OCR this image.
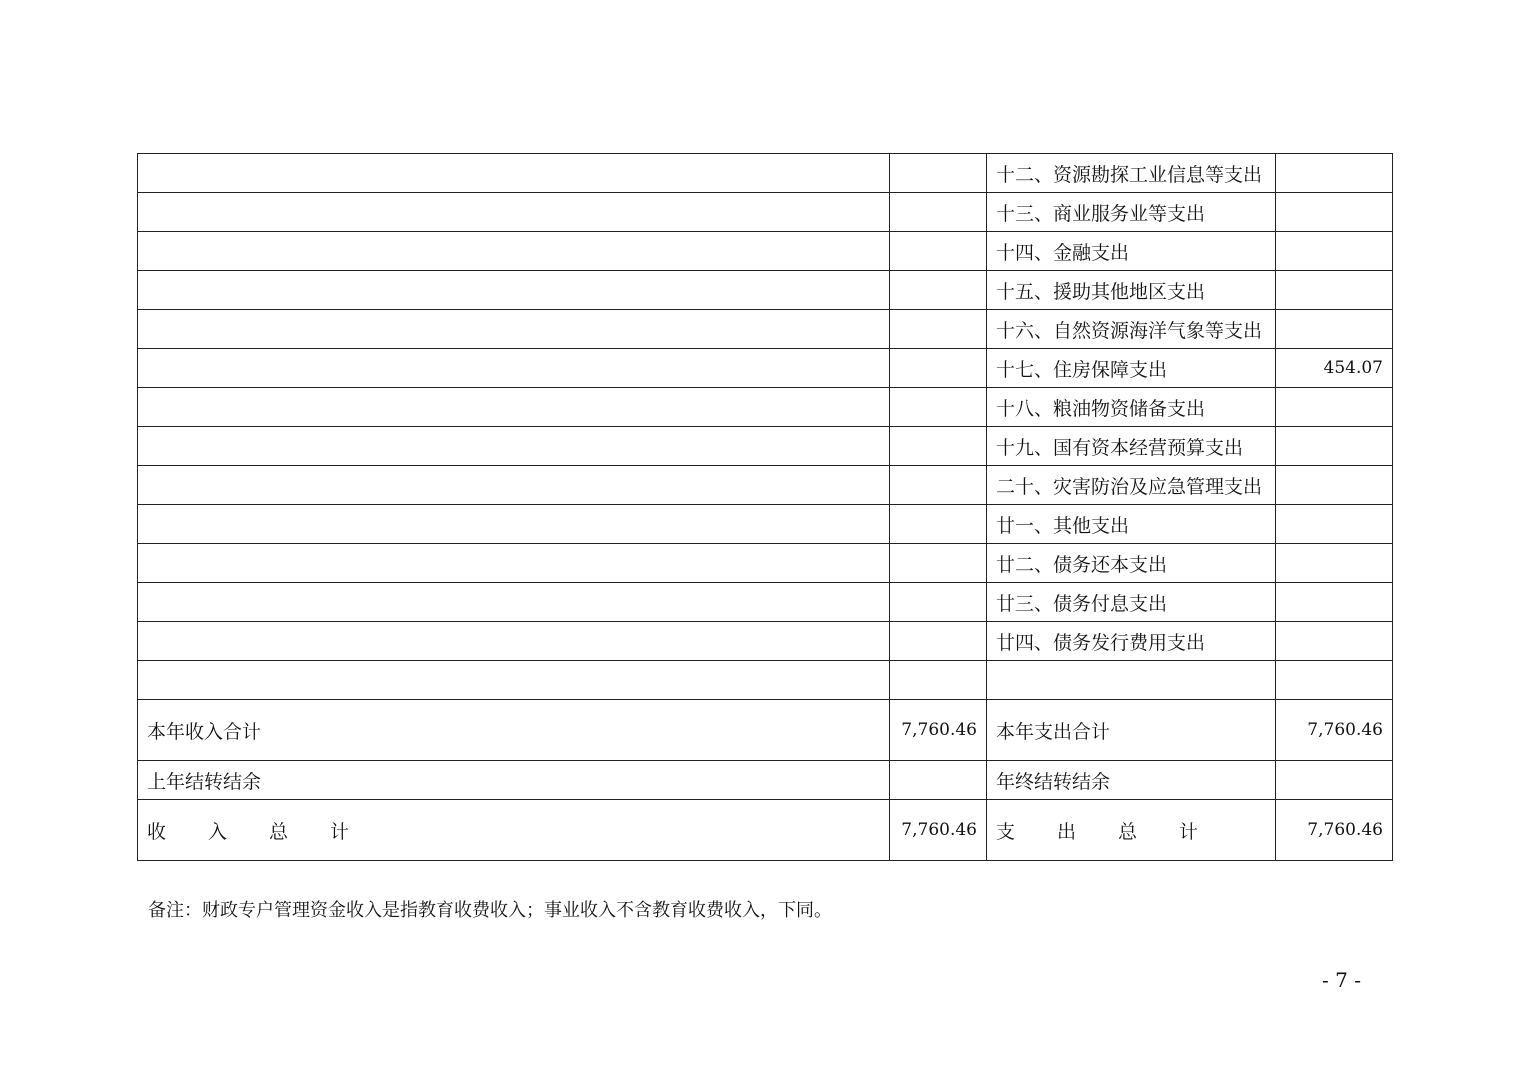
		十二、资源勘探工业信息等支出	
		十三、商业服务业等支出	
		十四、金融支出	
		十五、援助其他地区支出	
		十六、自然资源海洋气象等支出	
		十七、住房保障支出	454.07
		十八、粮油物资储备支出	
		十九、国有资本经营预算支出	
		二十、灾害防治及应急管理支出	
		廿一、其他支出	
		廿二、债务还本支出	
		廿三、债务付息支出	
		廿四、债务发行费用支出	

本年收入合计	7,760.46	本年支出合计	7,760.46
上年结转结余		年终结转结余	
收 入 总 计	7,760.46	支 出 总 计	7,760.46
备注：财政专户管理资金收入是指教育收费收入；事业收入不含教育收费收入，下同。
- 7 -
